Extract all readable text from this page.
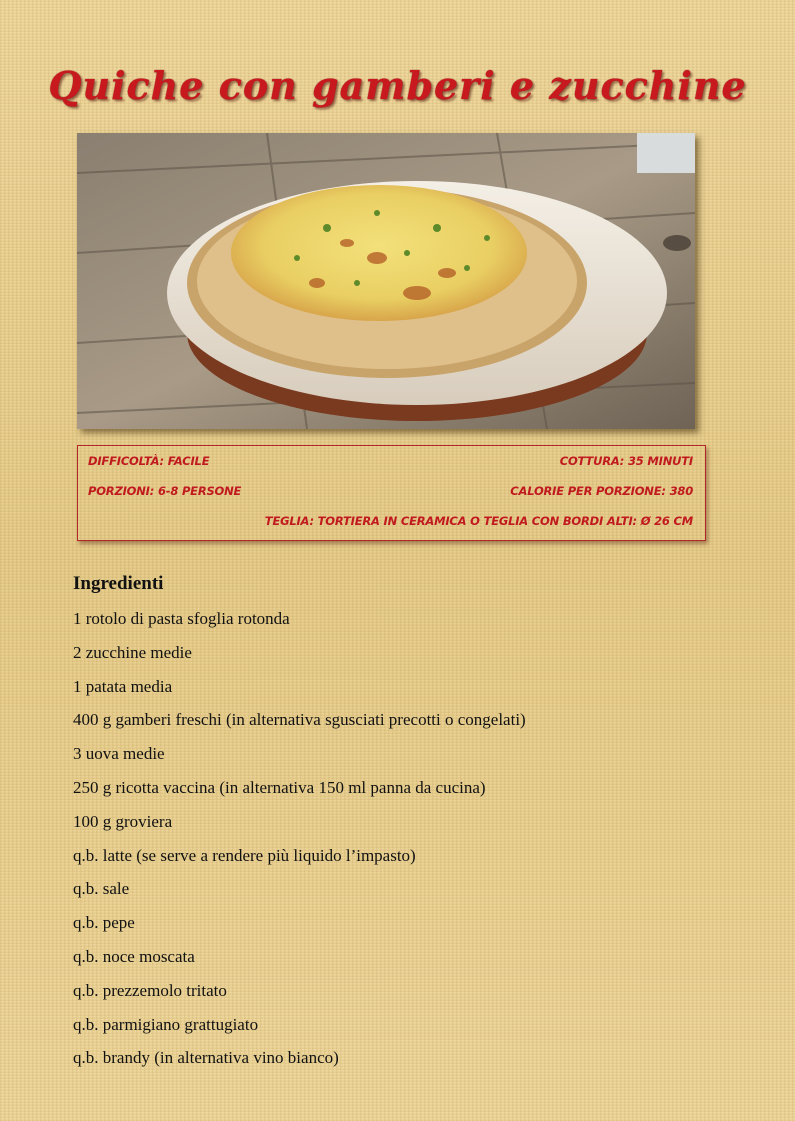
Quiche con gamberi e zucchine
DIFFICOLTÀ: FACILE	COTTURA: 35 MINUTI
PORZIONI: 6-8 PERSONE	CALORIE PER PORZIONE: 380
TEGLIA: TORTIERA IN CERAMICA O TEGLIA CON BORDI ALTI: Ø 26 CM
Ingredienti
1 rotolo di pasta sfoglia rotonda
2 zucchine medie
1 patata media
400 g gamberi freschi (in alternativa sgusciati precotti o congelati)
3 uova medie
250 g ricotta vaccina (in alternativa 150 ml panna da cucina)
100 g groviera
q.b. latte (se serve a rendere più liquido l’impasto)
q.b. sale
q.b. pepe
q.b. noce moscata
q.b. prezzemolo tritato
q.b. parmigiano grattugiato
q.b. brandy (in alternativa vino bianco)
